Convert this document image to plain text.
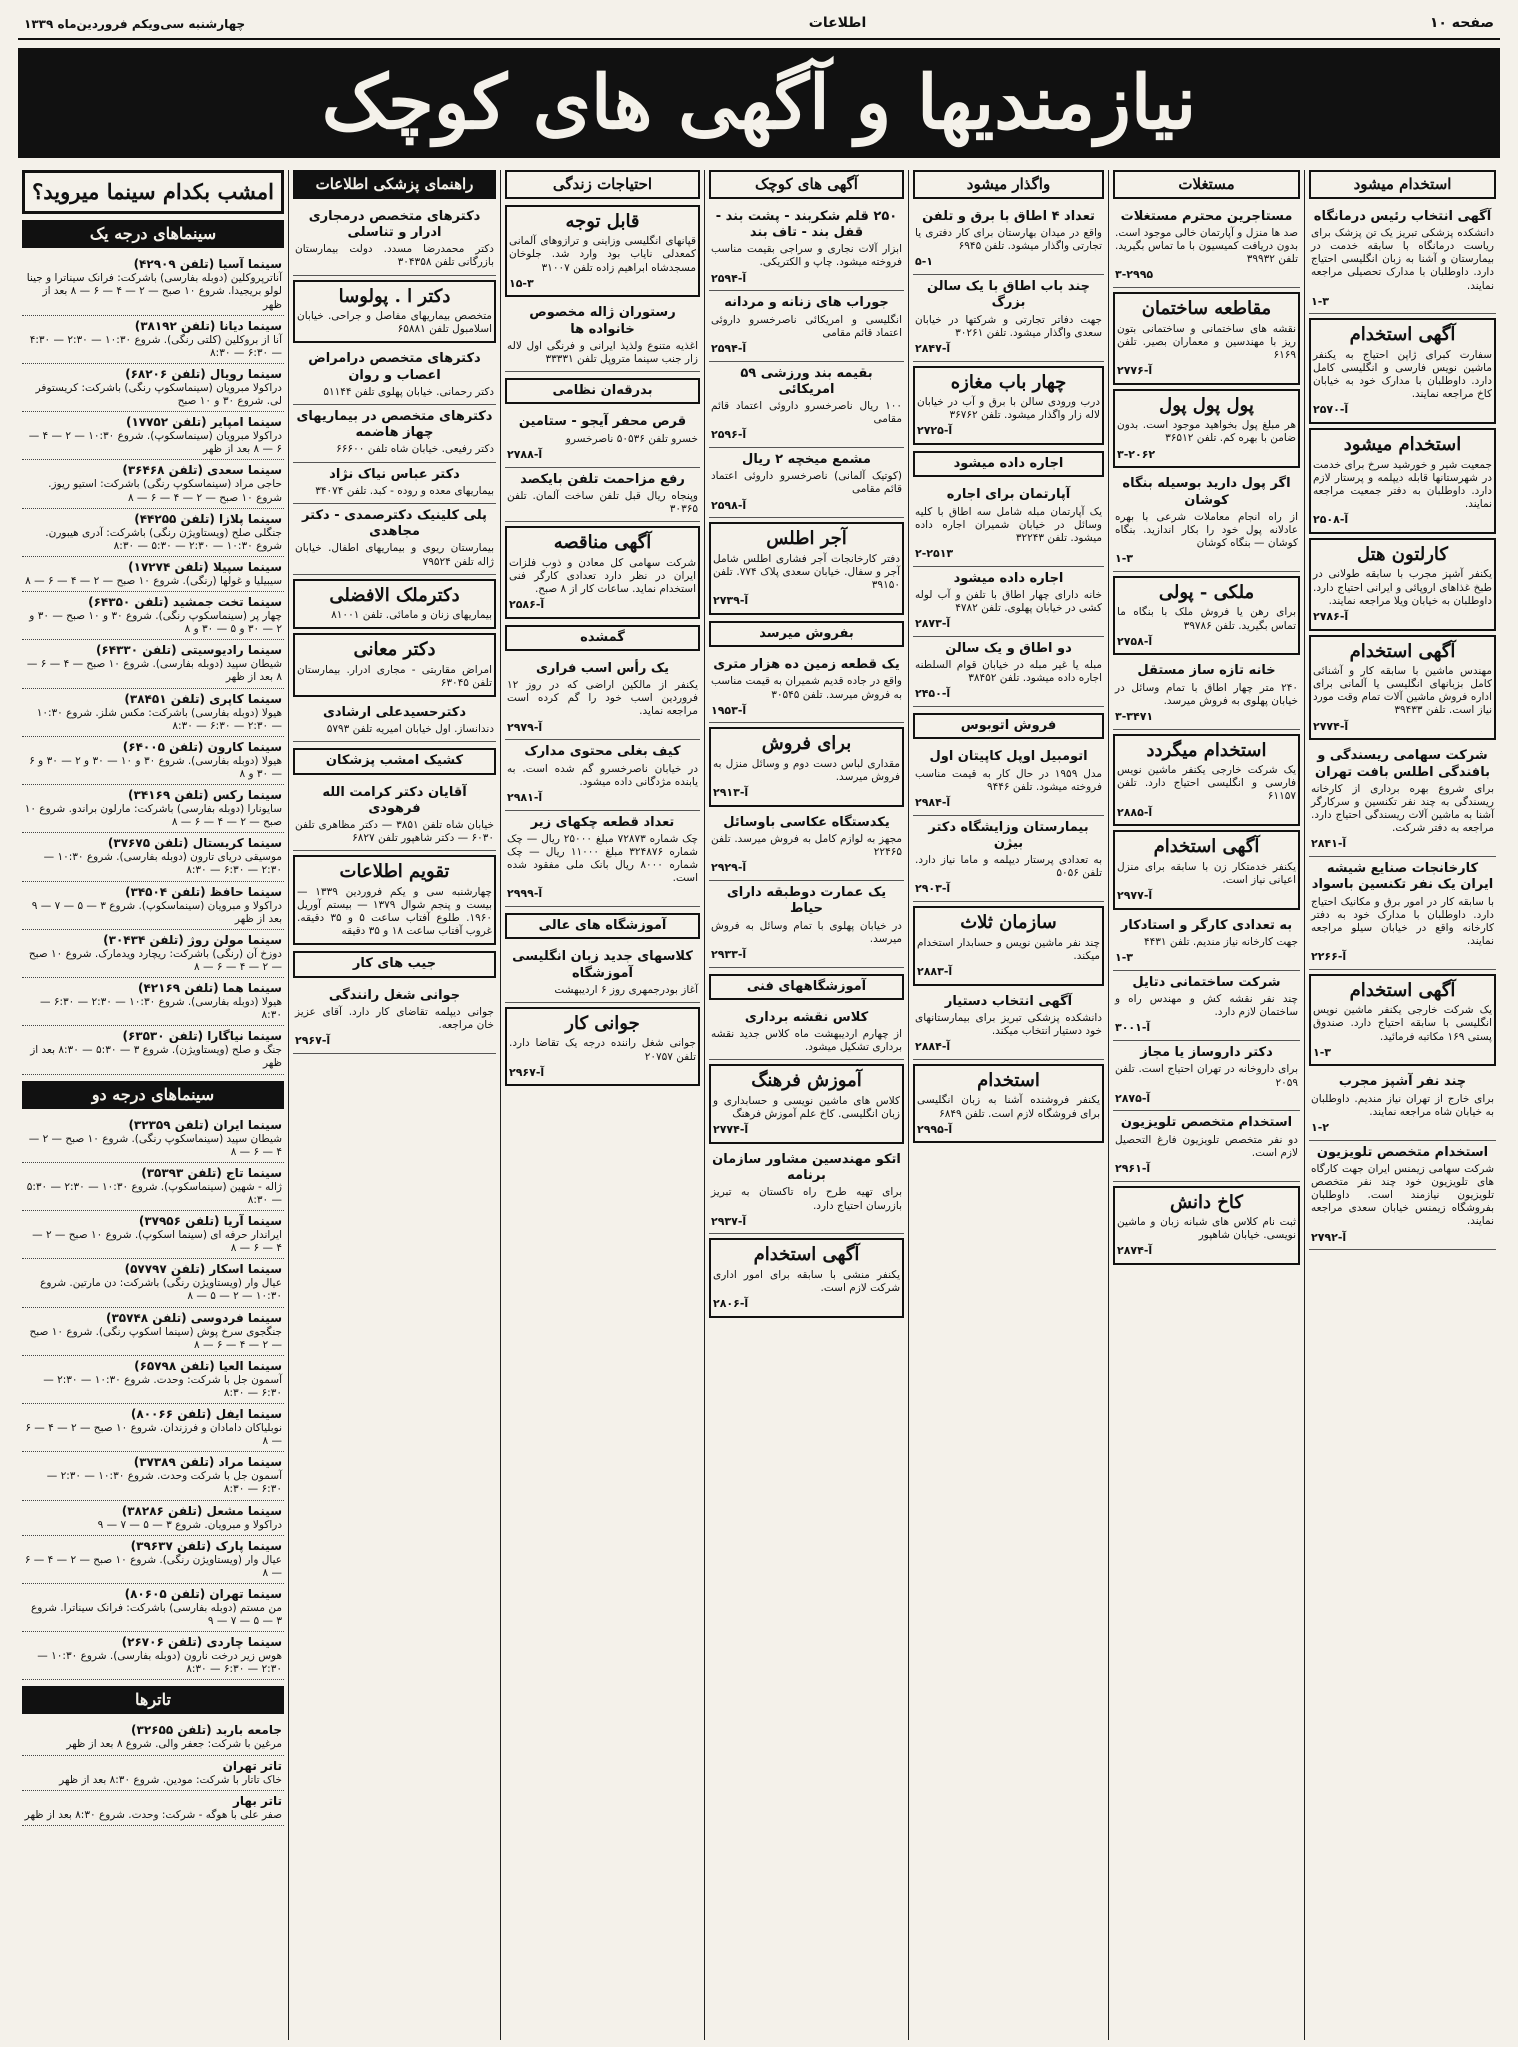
صفحه ۱۰
اطلاعات
چهارشنبه سی‌ویکم فروردین‌ماه ۱۳۳۹
نیازمندیها و آگهی های کوچک
استخدام میشود
آگهی انتخاب رئیس درمانگاه
دانشکده پزشکی تبریز یک تن پزشک برای ریاست درمانگاه با سابقه خدمت در بیمارستان و آشنا به زبان انگلیسی احتیاج دارد. داوطلبان با مدارک تحصیلی مراجعه نمایند.
۱-۳
آگهی استخدام
سفارت کبرای ژاپن احتیاج به یکنفر ماشین نویس فارسی و انگلیسی کامل دارد. داوطلبان با مدارک خود به خیابان کاخ مراجعه نمایند.
آ-۲۵۷۰
استخدام میشود
جمعیت شیر و خورشید سرخ برای خدمت در شهرستانها قابله دیپلمه و پرستار لازم دارد. داوطلبان به دفتر جمعیت مراجعه نمایند.
آ-۲۵۰۸
کارلتون هتل
یکنفر آشپز مجرب با سابقه طولانی در طبخ غذاهای اروپائی و ایرانی احتیاج دارد. داوطلبان به خیابان ویلا مراجعه نمایند.
آ-۲۷۸۶
آگهی استخدام
مهندس ماشین با سابقه کار و آشنائی کامل بزبانهای انگلیسی یا آلمانی برای اداره فروش ماشین آلات تمام وقت مورد نیاز است. تلفن ۳۹۴۳۳
آ-۲۷۷۴
شرکت سهامی ریسندگی و بافندگی اطلس بافت تهران
برای شروع بهره برداری از کارخانه ریسندگی به چند نفر تکنسین و سرکارگر آشنا به ماشین آلات ریسندگی احتیاج دارد. مراجعه به دفتر شرکت.
آ-۲۸۴۱
کارخانجات صنایع شیشه ایران یک نفر تکنسین باسواد
با سابقه کار در امور برق و مکانیک احتیاج دارد. داوطلبان با مدارک خود به دفتر کارخانه واقع در خیابان سیلو مراجعه نمایند.
آ-۲۲۶۶
آگهی استخدام
یک شرکت خارجی یکنفر ماشین نویس انگلیسی با سابقه احتیاج دارد. صندوق پستی ۱۶۹ مکاتبه فرمائید.
۱-۳
چند نفر آشپز مجرب
برای خارج از تهران نیاز مندیم. داوطلبان به خیابان شاه مراجعه نمایند.
۱-۲
استخدام متخصص تلویزیون
شرکت سهامی زیمنس ایران جهت کارگاه های تلویزیون خود چند نفر متخصص تلویزیون نیازمند است. داوطلبان بفروشگاه زیمنس خیابان سعدی مراجعه نمایند.
آ-۲۷۹۲
مستغلات
مستاجرین محترم مستغلات
صد ها منزل و آپارتمان خالی موجود است. بدون دریافت کمیسیون با ما تماس بگیرید. تلفن ۳۹۹۳۲
۳-۲۹۹۵
مقاطعه ساختمان
نقشه های ساختمانی و ساختمانی بتون ریز با مهندسین و معماران بصیر. تلفن ۶۱۶۹
آ-۲۷۷۶
پول پول پول
هر مبلغ پول بخواهید موجود است. بدون ضامن با بهره کم. تلفن ۳۶۵۱۲
۳-۲۰۶۲
اگر پول دارید بوسیله بنگاه کوشان
از راه انجام معاملات شرعی با بهره عادلانه پول خود را بکار اندازید. بنگاه کوشان — بنگاه کوشان
۱-۳
ملکی - پولی
برای رهن یا فروش ملک با بنگاه ما تماس بگیرید. تلفن ۳۹۷۸۶
آ-۲۷۵۸
خانه تازه ساز مستقل
۲۴۰ متر چهار اطاق با تمام وسائل در خیابان پهلوی به فروش میرسد.
۳-۳۴۷۱
استخدام میگردد
یک شرکت خارجی یکنفر ماشین نویس فارسی و انگلیسی احتیاج دارد. تلفن ۶۱۱۵۷
آ-۲۸۸۵
آگهی استخدام
یکنفر خدمتکار زن با سابقه برای منزل اعیانی نیاز است.
آ-۲۹۷۷
به تعدادی کارگر و استادکار
جهت کارخانه نیاز مندیم. تلفن ۴۴۳۱
۱-۳
شرکت ساختمانی دتایل
چند نفر نقشه کش و مهندس راه و ساختمان لازم دارد.
آ-۳۰۰۱
دکتر داروساز یا مجاز
برای داروخانه در تهران احتیاج است. تلفن ۲۰۵۹
آ-۲۸۷۵
استخدام متخصص تلویزیون
دو نفر متخصص تلویزیون فارغ التحصیل لازم است.
آ-۲۹۶۱
کاخ دانش
ثبت نام کلاس های شبانه زبان و ماشین نویسی. خیابان شاهپور
آ-۲۸۷۴
واگذار میشود
تعداد ۴ اطاق با برق و تلفن
واقع در میدان بهارستان برای کار دفتری یا تجارتی واگذار میشود. تلفن ۶۹۴۵
۵-۱
چند باب اطاق با یک سالن بزرگ
جهت دفاتر تجارتی و شرکتها در خیابان سعدی واگذار میشود. تلفن ۳۰۲۶۱
آ-۲۸۴۷
چهار باب مغازه
درب ورودی سالن با برق و آب در خیابان لاله زار واگذار میشود. تلفن ۳۶۷۶۲
آ-۲۷۲۵
اجاره داده میشود
آپارتمان برای اجاره
یک آپارتمان مبله شامل سه اطاق با کلیه وسائل در خیابان شمیران اجاره داده میشود. تلفن ۳۲۲۴۳
۲-۲۵۱۳
اجاره داده میشود
خانه دارای چهار اطاق با تلفن و آب لوله کشی در خیابان پهلوی. تلفن ۴۷۸۲
آ-۲۸۷۳
دو اطاق و یک سالن
مبله یا غیر مبله در خیابان قوام السلطنه اجاره داده میشود. تلفن ۳۸۴۵۲
آ-۲۴۵۰
فروش اتوبوس
اتومبیل اوپل کاپیتان اول
مدل ۱۹۵۹ در حال کار به قیمت مناسب فروخته میشود. تلفن ۹۴۴۶
آ-۲۹۸۴
بیمارستان وزایشگاه دکتر بیژن
به تعدادی پرستار دیپلمه و ماما نیاز دارد. تلفن ۵۰۵۶
آ-۲۹۰۳
سازمان ثلاث
چند نفر ماشین نویس و حسابدار استخدام میکند.
آ-۲۸۸۳
آگهی انتخاب دستیار
دانشکده پزشکی تبریز برای بیمارستانهای خود دستیار انتخاب میکند.
آ-۲۸۸۴
استخدام
یکنفر فروشنده آشنا به زبان انگلیسی برای فروشگاه لازم است. تلفن ۶۸۴۹
آ-۲۹۹۵
آگهی های کوچک
۲۵۰ قلم شکربند - پشت بند - قفل بند - تاف بند
ابزار آلات نجاری و سراجی بقیمت مناسب فروخته میشود. چاپ و الکتریکی.
آ-۲۵۹۴
جوراب های زنانه و مردانه
انگلیسی و امریکائی ناصرخسرو داروئی اعتماد قائم مقامی
آ-۲۵۹۴
بقیمه بند ورزشی ۵۹ امریکائی
۱۰۰ ریال ناصرخسرو داروئی اعتماد قائم مقامی
آ-۲۵۹۶
مشمع میخچه ۲ ریال
(کوتیک آلمانی) ناصرخسرو داروئی اعتماد قائم مقامی
آ-۲۵۹۸
آجر اطلس
دفتر کارخانجات آجر فشاری اطلس شامل آجر و سفال. خیابان سعدی پلاک ۷۷۴. تلفن ۳۹۱۵۰
آ-۲۷۳۹
بفروش میرسد
یک قطعه زمین ده هزار متری
واقع در جاده قدیم شمیران به قیمت مناسب به فروش میرسد. تلفن ۳۰۵۴۵
آ-۱۹۵۳
برای فروش
مقداری لباس دست دوم و وسائل منزل به فروش میرسد.
آ-۲۹۱۳
یکدستگاه عکاسی باوسائل
مجهز به لوازم کامل به فروش میرسد. تلفن ۲۲۴۶۵
آ-۲۹۲۹
یک عمارت دوطبقه دارای حیاط
در خیابان پهلوی با تمام وسائل به فروش میرسد.
آ-۲۹۳۳
آموزشگاههای فنی
کلاس نقشه برداری
از چهارم اردیبهشت ماه کلاس جدید نقشه برداری تشکیل میشود.
آموزش فرهنگ
کلاس های ماشین نویسی و حسابداری و زبان انگلیسی. کاخ علم آموزش فرهنگ
آ-۲۷۷۴
اتکو مهندسین مشاور سازمان برنامه
برای تهیه طرح راه تاکستان به تبریز بازرسان احتیاج دارد.
آ-۲۹۳۷
آگهی استخدام
یکنفر منشی با سابقه برای امور اداری شرکت لازم است.
آ-۲۸۰۶
احتیاجات زندگی
قابل توجه
قپانهای انگلیسی وزاینی و ترازوهای آلمانی کمعدلی نایاب بود وارد شد. جلوخان مسجدشاه ابراهیم زاده تلفن ۳۱۰۰۷
۱۵-۳
رستوران ژاله مخصوص خانواده ها
اغذیه متنوع ولذیذ ایرانی و فرنگی اول لاله زار جنب سینما متروپل تلفن ۳۳۳۳۱
بدرقه‌ان نظامی
قرص محفر آیجو - ستامین
خسرو تلفن ۵۰۵۳۶ ناصرخسرو
آ-۲۷۸۸
رفع مزاحمت تلفن بایکصد
وپنجاه ریال قبل تلفن ساخت آلمان. تلفن ۳۰۳۶۵
آگهی مناقصه
شرکت سهامی کل معادن و ذوب فلزات ایران در نظر دارد تعدادی کارگر فنی استخدام نماید. ساعات کار از ۸ صبح.
آ-۲۵۸۶
گمشده
یک رأس اسب فراری
یکنفر از مالکین اراضی که در روز ۱۲ فروردین اسب خود را گم کرده است مراجعه نماید.
آ-۲۹۷۹
کیف بغلی محتوی مدارک
در خیابان ناصرخسرو گم شده است. به یابنده مژدگانی داده میشود.
آ-۲۹۸۱
تعداد قطعه چکهای زیر
چک شماره ۷۲۸۷۳ مبلغ ۲۵۰۰۰ ریال — چک شماره ۳۲۴۸۷۶ مبلغ ۱۱۰۰۰ ریال — چک شماره ۸۰۰۰ ریال بانک ملی مفقود شده است.
آ-۲۹۹۹
آموزشگاه های عالی
کلاسهای جدید زبان انگلیسی آموزشگاه
آغاز بودرجمهری روز ۶ اردیبهشت
جوانی کار
جوانی شغل راننده درجه یک تقاضا دارد. تلفن ۲۰۷۵۷
آ-۲۹۶۷
راهنمای پزشکی اطلاعات
دکترهای متخصص درمجاری ادرار و تناسلی
دکتر محمدرضا مسدد. دولت بیمارستان بازرگانی تلفن ۳۰۴۳۵۸
دکتر ا . پولوسا
متخصص بیماریهای مفاصل و جراحی. خیابان اسلامبول تلفن ۶۵۸۸۱
دکترهای متخصص درامراض اعصاب و روان
دکتر رحمانی. خیابان پهلوی تلفن ۵۱۱۴۴
دکترهای متخصص در بیماریهای چهاز هاضمه
دکتر رفیعی. خیابان شاه تلفن ۶۶۶۰۰
دکتر عباس نیاک نژاد
بیماریهای معده و روده - کبد. تلفن ۳۴۰۷۴
پلی کلینیک دکترصمدی - دکتر مجاهدی
بیمارستان ریوی و بیماریهای اطفال. خیابان ژاله تلفن ۷۹۵۲۴
دکترملک الافضلی
بیماریهای زنان و مامائی. تلفن ۸۱۰۰۱
دکتر معانی
امراض مقاربتی - مجاری ادرار. بیمارستان تلفن ۶۳۰۴۵
دکترحسیدعلی ارشادی
دندانساز. اول خیابان امیریه تلفن ۵۷۹۳
کشیک امشب پزشکان
آقایان دکتر کرامت الله فرهودی
خیابان شاه تلفن ۳۸۵۱ — دکتر مظاهری تلفن ۶۰۳۰ — دکتر شاهپور تلفن ۶۸۲۷
تقویم اطلاعات
چهارشنبه سی و یکم فروردین ۱۳۳۹ — بیست و پنجم شوال ۱۳۷۹ — بیستم آوریل ۱۹۶۰. طلوع آفتاب ساعت ۵ و ۳۵ دقیقه. غروب آفتاب ساعت ۱۸ و ۳۵ دقیقه
جیب های کار
جوانی شغل رانندگی
جوانی دیپلمه تقاضای کار دارد. آقای عزیز خان مراجعه.
آ-۲۹۶۷
امشب بکدام سینما میروید؟
سینماهای درجه یک
سینما آسیا (تلفن ۴۲۹۰۹)
آناترپروکلین (دوبله بفارسی) باشرکت: فرانک سیناترا و جینا لولو بریجیدا. شروع ۱۰ صبح — ۲ — ۴ — ۶ — ۸ بعد از ظهر
سینما دیانا (تلفن ۳۸۱۹۲)
آنا از بروکلین (کلتی رنگی). شروع ۱۰:۳۰ — ۲:۳۰ — ۴:۳۰ — ۶:۳۰ — ۸:۳۰
سینما رویال (تلفن ۶۸۲۰۶)
دراکولا مبرویان (سینماسکوپ رنگی) باشرکت: کریستوفر لی. شروع ۳۰ و ۱۰ صبح
سینما امپایر (تلفن ۱۷۷۵۲)
دراکولا مبرویان (سینماسکوپ). شروع ۱۰:۳۰ — ۲ — ۴ — ۶ — ۸ بعد از ظهر
سینما سعدی (تلفن ۳۶۴۶۸)
حاجی مراد (سینماسکوپ رنگی) باشرکت: استیو ریوز. شروع ۱۰ صبح — ۲ — ۴ — ۶ — ۸
سینما پلازا (تلفن ۴۴۲۵۵)
جنگلی صلح (ویستاویژن رنگی) باشرکت: آدری هیبورن. شروع ۱۰:۳۰ — ۲:۳۰ — ۵:۳۰ — ۸:۳۰
سینما سپیلا (تلفن ۱۷۲۷۴)
سیبیلیا و غولها (رنگی). شروع ۱۰ صبح — ۲ — ۴ — ۶ — ۸
سینما تخت جمشید (تلفن ۶۴۳۵۰)
چهار پر (سینماسکوپ رنگی). شروع ۳۰ و ۱۰ صبح — ۳۰ و ۲ — ۳۰ و ۵ — ۳۰ و ۸
سینما رادیوسیتی (تلفن ۶۴۳۳۰)
شیطان سپید (دوبله بفارسی). شروع ۱۰ صبح — ۴ — ۶ — ۸ بعد از ظهر
سینما کاپری (تلفن ۳۸۴۵۱)
هیولا (دوبله بفارسی) باشرکت: مکس شلز. شروع ۱۰:۳۰ — ۲:۳۰ — ۶:۳۰ — ۸:۳۰
سینما کارون (تلفن ۶۴۰۰۵)
هیولا (دوبله بفارسی). شروع ۳۰ و ۱۰ — ۳۰ و ۲ — ۳۰ و ۶ — ۳۰ و ۸
سینما رکس (تلفن ۳۴۱۶۹)
سایونارا (دوبله بفارسی) باشرکت: مارلون براندو. شروع ۱۰ صبح — ۲ — ۴ — ۶ — ۸
سینما کریستال (تلفن ۳۷۶۷۵)
موسیقی دریای تارون (دوبله بفارسی). شروع ۱۰:۳۰ — ۲:۳۰ — ۶:۳۰ — ۸:۳۰
سینما حافظ (تلفن ۳۴۵۰۴)
دراکولا و مبرویان (سینماسکوپ). شروع ۳ — ۵ — ۷ — ۹ بعد از ظهر
سینما مولن روژ (تلفن ۳۰۴۳۴)
دوزخ آن (رنگی) باشرکت: ریچارد ویدمارک. شروع ۱۰ صبح — ۲ — ۴ — ۶ — ۸
سینما هما (تلفن ۴۲۱۶۹)
هیولا (دوبله بفارسی). شروع ۱۰:۳۰ — ۲:۳۰ — ۶:۳۰ — ۸:۳۰
سینما نیاگارا (تلفن ۶۳۵۳۰)
جنگ و صلح (ویستاویژن). شروع ۳ — ۵:۳۰ — ۸:۳۰ بعد از ظهر
سینماهای درجه دو
سینما ایران (تلفن ۳۲۳۵۹)
شیطان سپید (سینماسکوپ رنگی). شروع ۱۰ صبح — ۲ — ۴ — ۶ — ۸
سینما تاج (تلفن ۳۵۳۹۳)
ژاله - شهین (سینماسکوپ). شروع ۱۰:۳۰ — ۲:۳۰ — ۵:۳۰ — ۸:۳۰
سینما آریا (تلفن ۳۷۹۵۶)
ایراندار حرفه ای (سینما اسکوپ). شروع ۱۰ صبح — ۲ — ۴ — ۶ — ۸
سینما اسکار (تلفن ۵۷۷۹۷)
عیال وار (ویستاویژن رنگی) باشرکت: دن مارتین. شروع ۱۰:۳۰ — ۲ — ۵ — ۸
سینما فردوسی (تلفن ۳۵۷۴۸)
جنگجوی سرخ پوش (سینما اسکوپ رنگی). شروع ۱۰ صبح — ۲ — ۴ — ۶ — ۸
سینما العیا (تلفن ۶۵۷۹۸)
آسمون جل با شرکت: وحدت. شروع ۱۰:۳۰ — ۲:۳۰ — ۶:۳۰ — ۸:۳۰
سینما ایفل (تلفن ۸۰۰۶۶)
نوبلیاکان دامادان و فرزندان. شروع ۱۰ صبح — ۲ — ۴ — ۶ — ۸
سینما مراد (تلفن ۳۷۳۸۹)
آسمون جل با شرکت وحدت. شروع ۱۰:۳۰ — ۲:۳۰ — ۶:۳۰ — ۸:۳۰
سینما مشعل (تلفن ۳۸۲۸۶)
دراکولا و مبرویان. شروع ۳ — ۵ — ۷ — ۹
سینما پارک (تلفن ۳۹۶۳۷)
عیال وار (ویستاویژن رنگی). شروع ۱۰ صبح — ۲ — ۴ — ۶ — ۸
سینما تهران (تلفن ۸۰۶۰۵)
من مستم (دوبله بفارسی) باشرکت: فرانک سیناترا. شروع ۳ — ۵ — ۷ — ۹
سینما چاردی (تلفن ۲۶۷۰۶)
هوس زیر درخت نارون (دوبله بفارسی). شروع ۱۰:۳۰ — ۲:۳۰ — ۶:۳۰ — ۸:۳۰
تاترها
جامعه باربد (تلفن ۳۲۶۵۵)
مرغین با شرکت: جعفر والی. شروع ۸ بعد از ظهر
تاتر تهران
خاک تاتار با شرکت: مودین. شروع ۸:۳۰ بعد از ظهر
تاتر بهار
صفر علی با هوگه - شرکت: وحدت. شروع ۸:۳۰ بعد از ظهر
